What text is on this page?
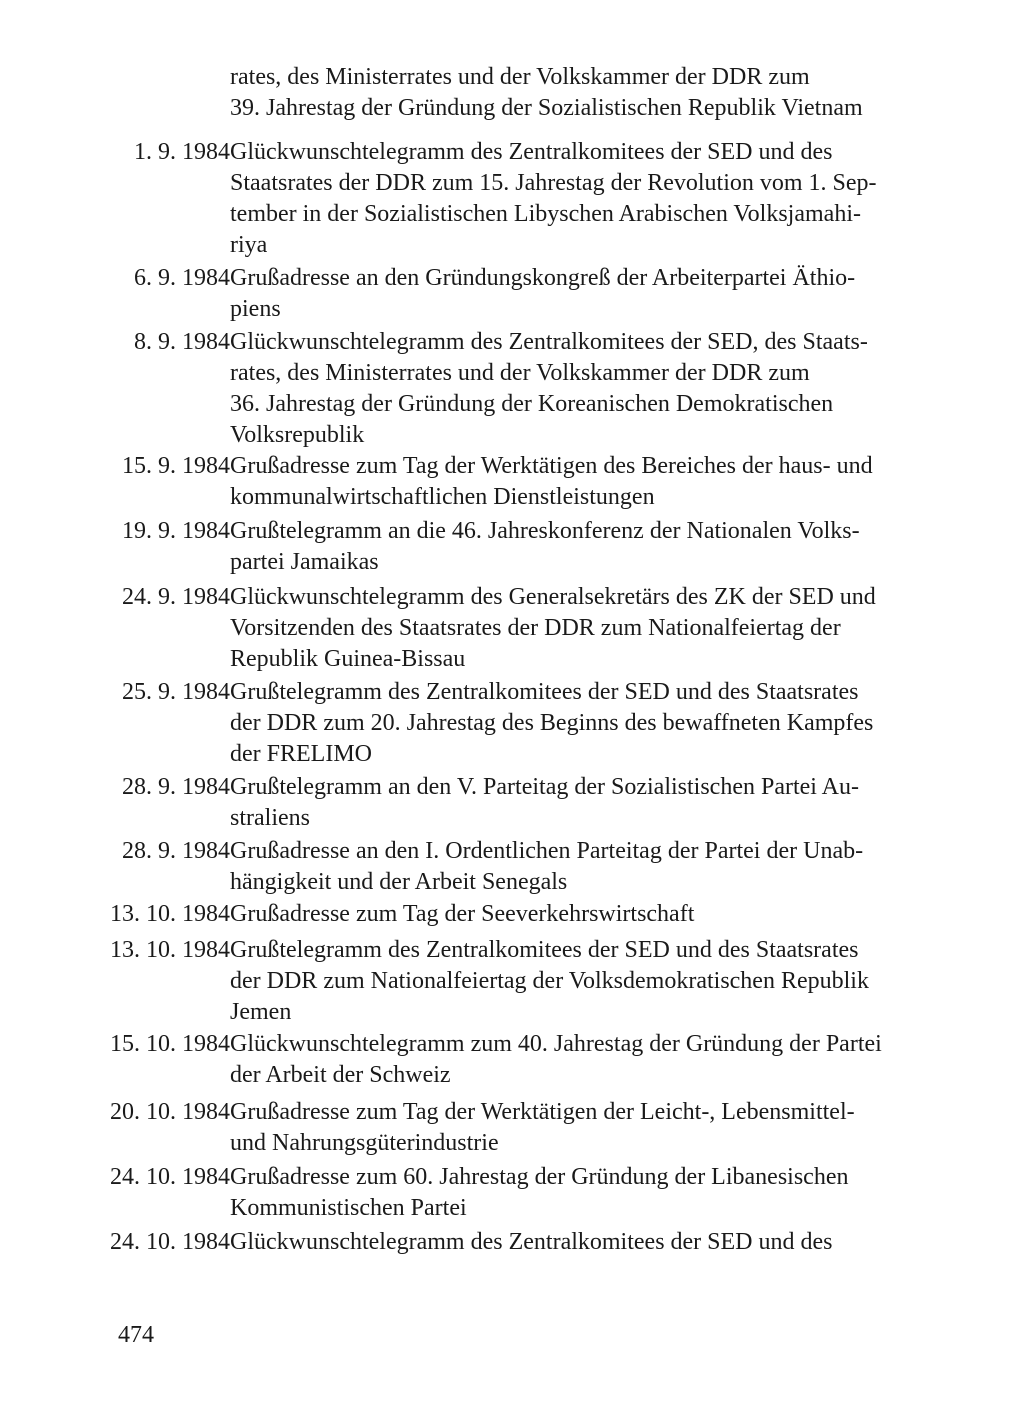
rates, des Ministerrates und der Volkskammer der DDR zum
39. Jahrestag der Gründung der Sozialistischen Republik Vietnam
1. 9. 1984 Glückwunschtelegramm des Zentralkomitees der SED und des
Staatsrates der DDR zum 15. Jahrestag der Revolution vom 1. Sep-
tember in der Sozialistischen Libyschen Arabischen Volksjamahi-
riya
6. 9. 1984 Grußadresse an den Gründungskongreß der Arbeiterpartei Äthio-
piens
8. 9. 1984 Glückwunschtelegramm des Zentralkomitees der SED, des Staats-
rates, des Ministerrates und der Volkskammer der DDR zum
36. Jahrestag der Gründung der Koreanischen Demokratischen
Volksrepublik
15. 9. 1984 Grußadresse zum Tag der Werktätigen des Bereiches der haus- und
kommunalwirtschaftlichen Dienstleistungen
19. 9. 1984 Grußtelegramm an die 46. Jahreskonferenz der Nationalen Volks-
partei Jamaikas
24. 9. 1984 Glückwunschtelegramm des Generalsekretärs des ZK der SED und
Vorsitzenden des Staatsrates der DDR zum Nationalfeiertag der
Republik Guinea-Bissau
25. 9. 1984 Grußtelegramm des Zentralkomitees der SED und des Staatsrates
der DDR zum 20. Jahrestag des Beginns des bewaffneten Kampfes
der FRELIMO
28. 9. 1984 Grußtelegramm an den V. Parteitag der Sozialistischen Partei Au-
straliens
28. 9. 1984 Grußadresse an den I. Ordentlichen Parteitag der Partei der Unab-
hängigkeit und der Arbeit Senegals
13. 10. 1984 Grußadresse zum Tag der Seeverkehrswirtschaft
13. 10. 1984 Grußtelegramm des Zentralkomitees der SED und des Staatsrates
der DDR zum Nationalfeiertag der Volksdemokratischen Republik
Jemen
15. 10. 1984 Glückwunschtelegramm zum 40. Jahrestag der Gründung der Partei
der Arbeit der Schweiz
20. 10. 1984 Grußadresse zum Tag der Werktätigen der Leicht-, Lebensmittel-
und Nahrungsgüterindustrie
24. 10. 1984 Grußadresse zum 60. Jahrestag der Gründung der Libanesischen
Kommunistischen Partei
24. 10. 1984 Glückwunschtelegramm des Zentralkomitees der SED und des
474
